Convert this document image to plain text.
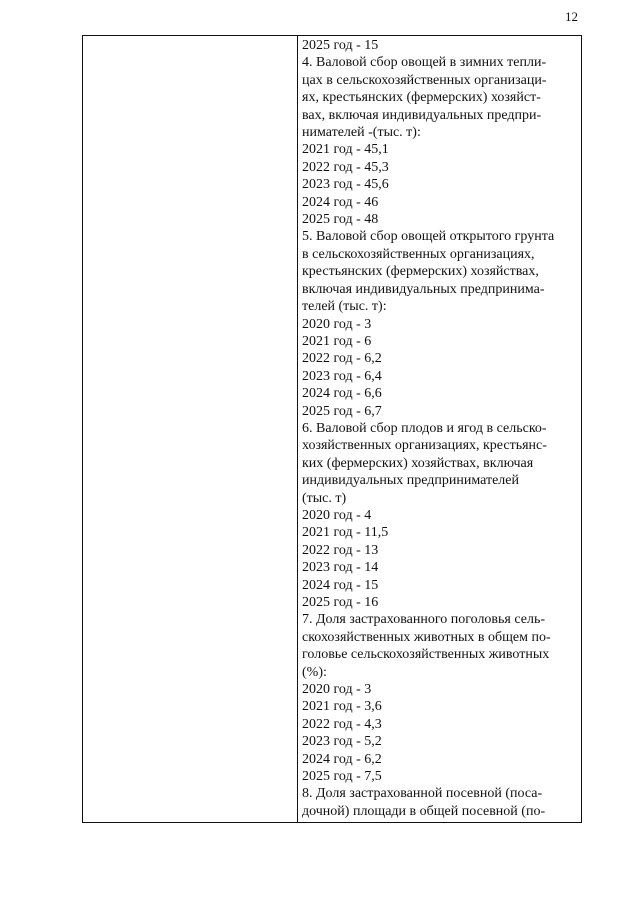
12

2025 год - 15
4. Валовой сбор овощей в зимних тепли-
цах в сельскохозяйственных организаци-
ях, крестьянских (фермерских) хозяйст-
вах, включая индивидуальных предпри-
нимателей -(тыс. т):
2021 год - 45,1
2022 год - 45,3
2023 год - 45,6
2024 год - 46
2025 год - 48
5. Валовой сбор овощей открытого грунта
в сельскохозяйственных организациях,
крестьянских (фермерских) хозяйствах,
включая индивидуальных предпринима-
телей (тыс. т):
2020 год - 3
2021 год - 6
2022 год - 6,2
2023 год - 6,4
2024 год - 6,6
2025 год - 6,7
6. Валовой сбор плодов и ягод в сельско-
хозяйственных организациях, крестьянс-
ких (фермерских) хозяйствах, включая
индивидуальных предпринимателей
(тыс. т)
2020 год - 4
2021 год - 11,5
2022 год - 13
2023 год - 14
2024 год - 15
2025 год - 16
7. Доля застрахованного поголовья сель-
скохозяйственных животных в общем по-
головье сельскохозяйственных животных
(%):
2020 год - 3
2021 год - 3,6
2022 год - 4,3
2023 год - 5,2
2024 год - 6,2
2025 год - 7,5
8. Доля застрахованной посевной (поса-
дочной) площади в общей посевной (по-
